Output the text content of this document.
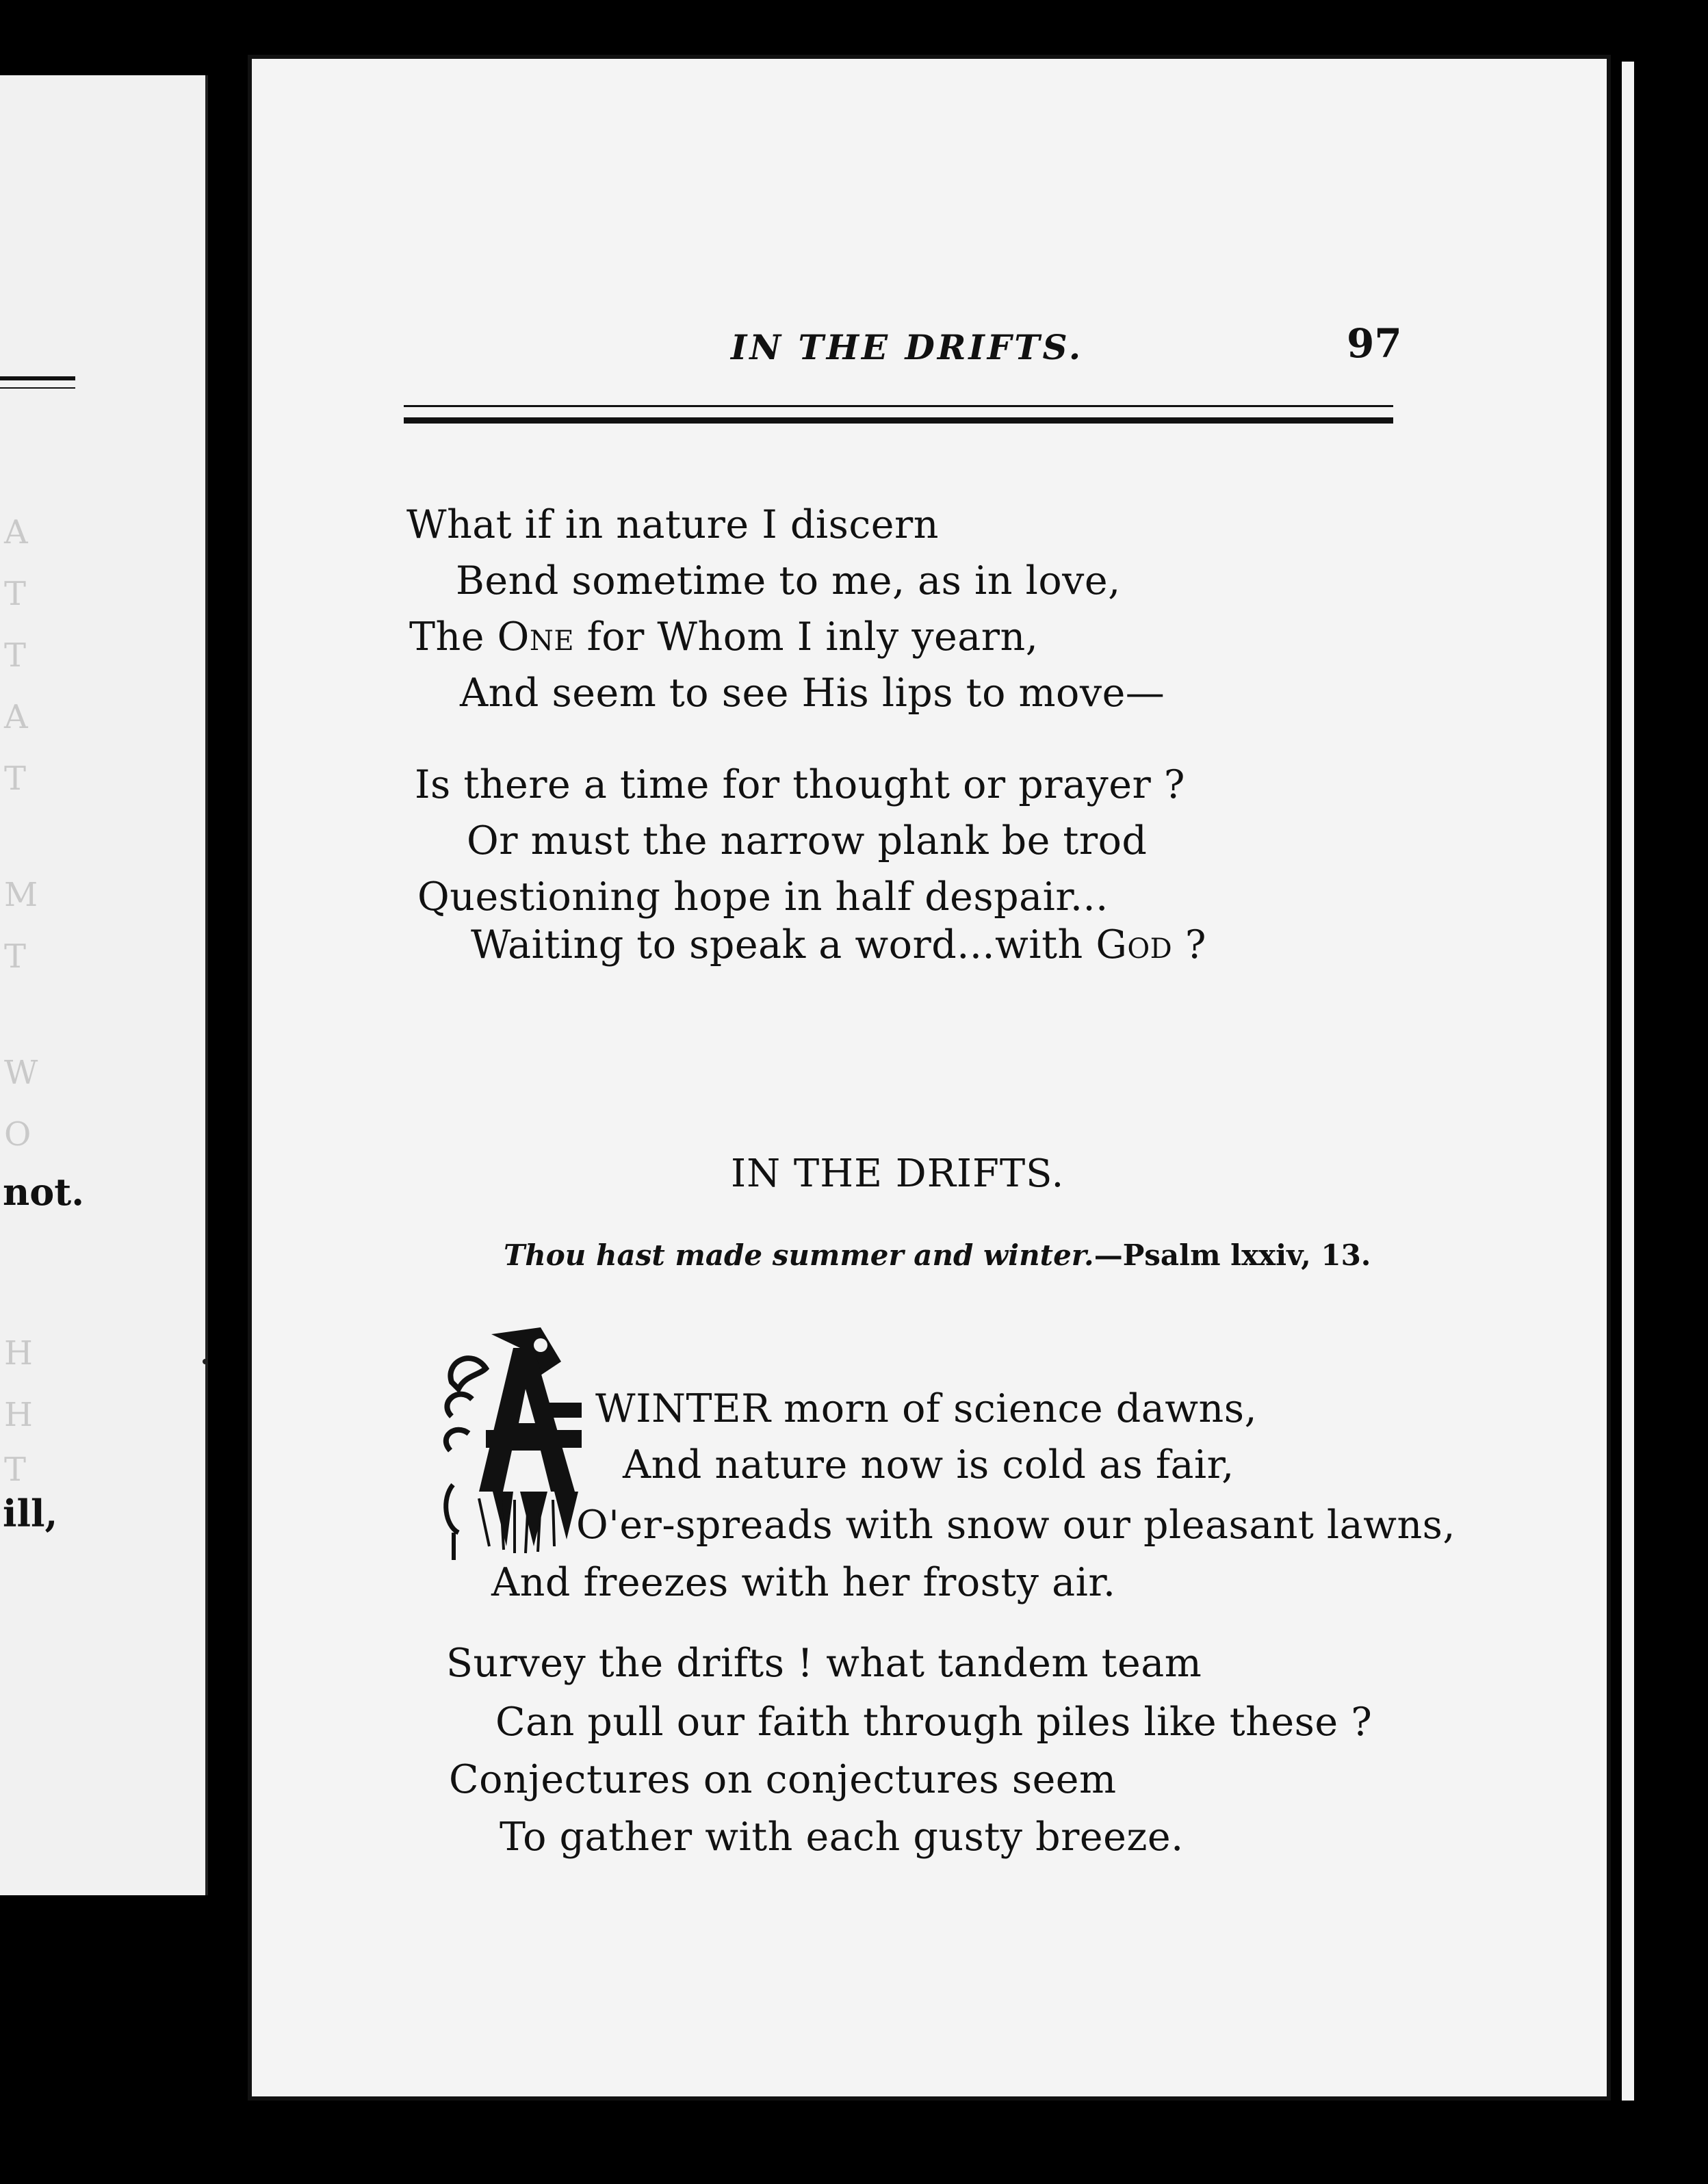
A
T
T
A
T
M
T
W
O
not.
H
H
T
ill,
IN THE DRIFTS.	97
What if in nature I discern
Bend sometime to me, as in love,
The One for Whom I inly yearn,
And seem to see His lips to move—
Is there a time for thought or prayer ?
Or must the narrow plank be trod
Questioning hope in half despair...
Waiting to speak a word...with God ?
IN THE DRIFTS.
Thou hast made summer and winter.—Psalm lxxiv, 13.
WINTER morn of science dawns,
And nature now is cold as fair,
O'er-spreads with snow our pleasant lawns,
And freezes with her frosty air.
Survey the drifts ! what tandem team
Can pull our faith through piles like these ?
Conjectures on conjectures seem
To gather with each gusty breeze.
